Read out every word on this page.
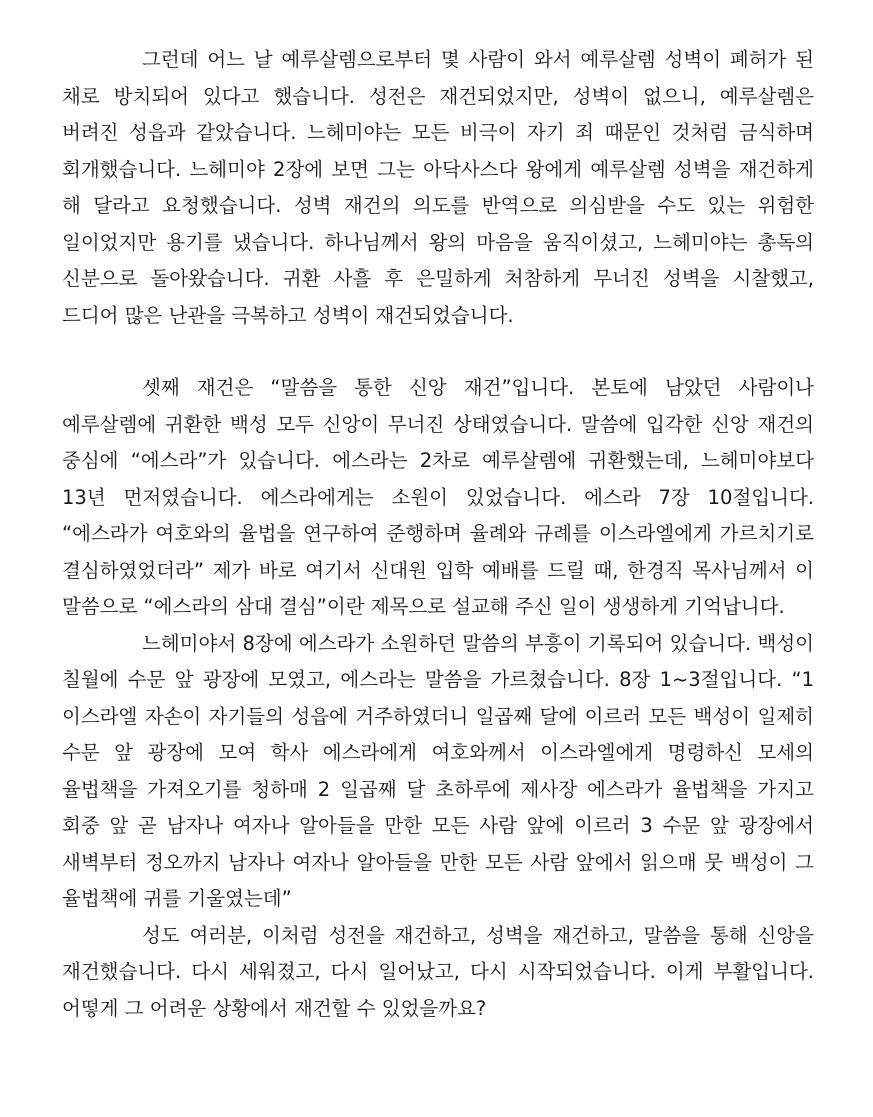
그런데 어느 날 예루살렘으로부터 몇 사람이 와서 예루살렘 성벽이 폐허가 된 채로 방치되어 있다고 했습니다. 성전은 재건되었지만, 성벽이 없으니, 예루살렘은 버려진 성읍과 같았습니다. 느헤미야는 모든 비극이 자기 죄 때문인 것처럼 금식하며 회개했습니다. 느헤미야 2장에 보면 그는 아닥사스다 왕에게 예루살렘 성벽을 재건하게 해 달라고 요청했습니다. 성벽 재건의 의도를 반역으로 의심받을 수도 있는 위험한 일이었지만 용기를 냈습니다. 하나님께서 왕의 마음을 움직이셨고, 느헤미야는 총독의 신분으로 돌아왔습니다. 귀환 사흘 후 은밀하게 처참하게 무너진 성벽을 시찰했고, 드디어 많은 난관을 극복하고 성벽이 재건되었습니다.

셋째 재건은 “말씀을 통한 신앙 재건”입니다. 본토에 남았던 사람이나 예루살렘에 귀환한 백성 모두 신앙이 무너진 상태였습니다. 말씀에 입각한 신앙 재건의 중심에 “에스라”가 있습니다. 에스라는 2차로 예루살렘에 귀환했는데, 느헤미야보다 13년 먼저였습니다. 에스라에게는 소원이 있었습니다. 에스라 7장 10절입니다. “에스라가 여호와의 율법을 연구하여 준행하며 율례와 규례를 이스라엘에게 가르치기로 결심하였었더라” 제가 바로 여기서 신대원 입학 예배를 드릴 때, 한경직 목사님께서 이 말씀으로 “에스라의 삼대 결심”이란 제목으로 설교해 주신 일이 생생하게 기억납니다.

느헤미야서 8장에 에스라가 소원하던 말씀의 부흥이 기록되어 있습니다. 백성이 칠월에 수문 앞 광장에 모였고, 에스라는 말씀을 가르쳤습니다. 8장 1~3절입니다. “1 이스라엘 자손이 자기들의 성읍에 거주하였더니 일곱째 달에 이르러 모든 백성이 일제히 수문 앞 광장에 모여 학사 에스라에게 여호와께서 이스라엘에게 명령하신 모세의 율법책을 가져오기를 청하매 2 일곱째 달 초하루에 제사장 에스라가 율법책을 가지고 회중 앞 곧 남자나 여자나 알아들을 만한 모든 사람 앞에 이르러 3 수문 앞 광장에서 새벽부터 정오까지 남자나 여자나 알아들을 만한 모든 사람 앞에서 읽으매 뭇 백성이 그 율법책에 귀를 기울였는데”

성도 여러분, 이처럼 성전을 재건하고, 성벽을 재건하고, 말씀을 통해 신앙을 재건했습니다. 다시 세워졌고, 다시 일어났고, 다시 시작되었습니다. 이게 부활입니다. 어떻게 그 어려운 상황에서 재건할 수 있었을까요?
